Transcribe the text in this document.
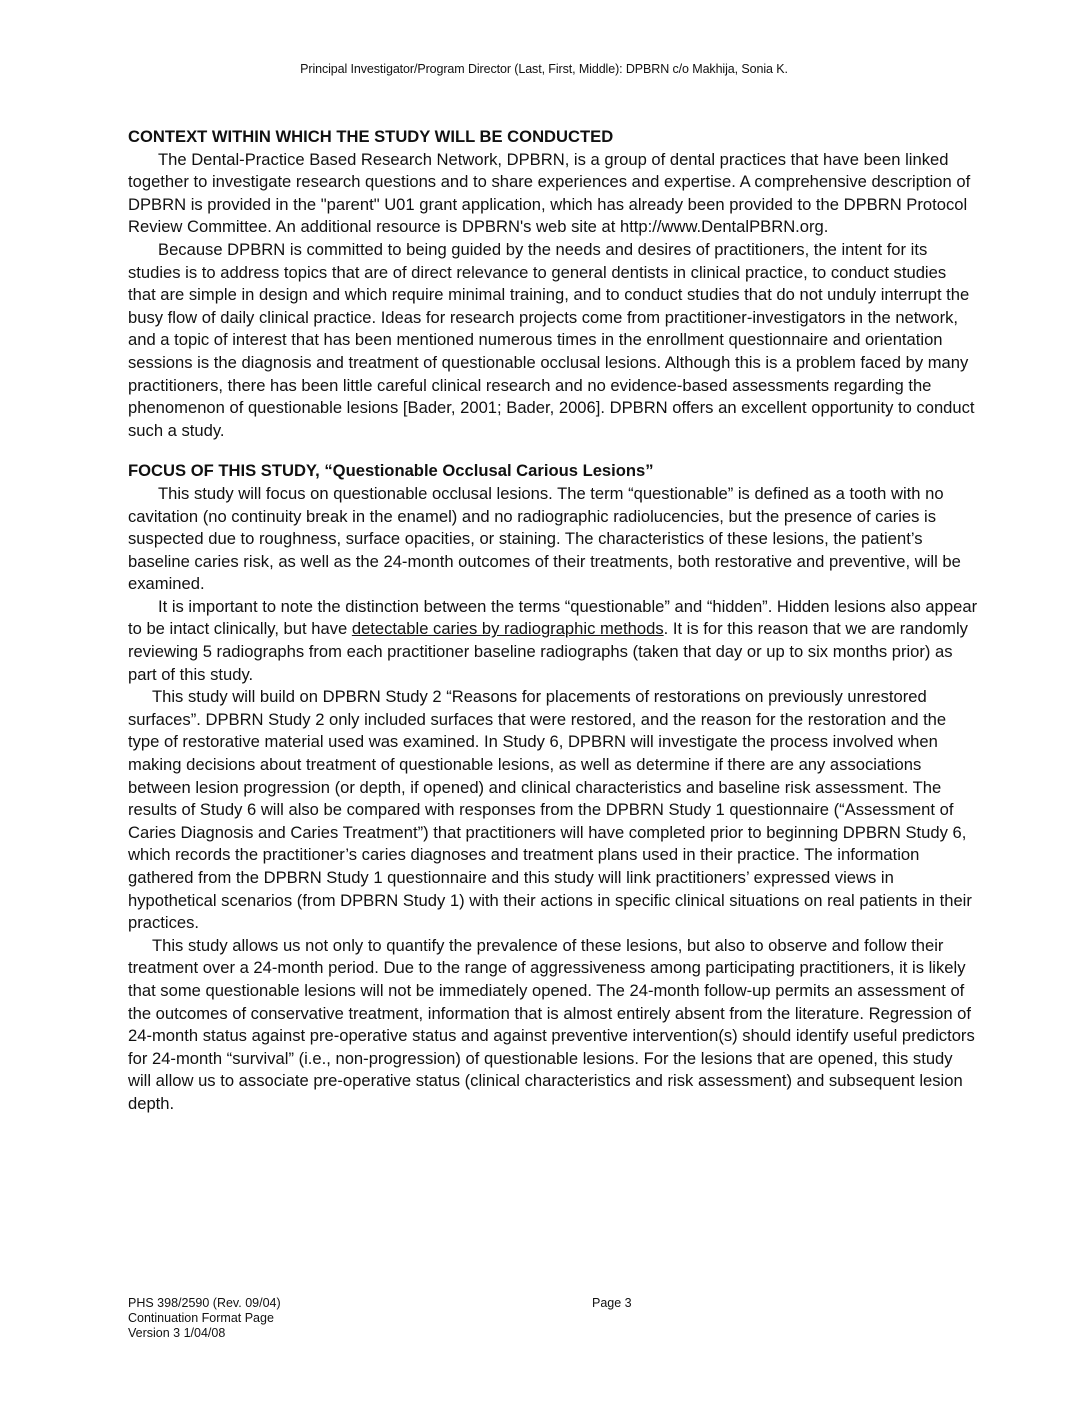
Principal Investigator/Program Director (Last, First, Middle): DPBRN c/o Makhija, Sonia K.

CONTEXT WITHIN WHICH THE STUDY WILL BE CONDUCTED

The Dental-Practice Based Research Network, DPBRN, is a group of dental practices that have been linked together to investigate research questions and to share experiences and expertise. A comprehensive description of DPBRN is provided in the "parent" U01 grant application, which has already been provided to the DPBRN Protocol Review Committee. An additional resource is DPBRN's web site at http://www.DentalPBRN.org.

Because DPBRN is committed to being guided by the needs and desires of practitioners, the intent for its studies is to address topics that are of direct relevance to general dentists in clinical practice, to conduct studies that are simple in design and which require minimal training, and to conduct studies that do not unduly interrupt the busy flow of daily clinical practice. Ideas for research projects come from practitioner-investigators in the network, and a topic of interest that has been mentioned numerous times in the enrollment questionnaire and orientation sessions is the diagnosis and treatment of questionable occlusal lesions. Although this is a problem faced by many practitioners, there has been little careful clinical research and no evidence-based assessments regarding the phenomenon of questionable lesions [Bader, 2001; Bader, 2006]. DPBRN offers an excellent opportunity to conduct such a study.

FOCUS OF THIS STUDY, “Questionable Occlusal Carious Lesions”

This study will focus on questionable occlusal lesions. The term “questionable” is defined as a tooth with no cavitation (no continuity break in the enamel) and no radiographic radiolucencies, but the presence of caries is suspected due to roughness, surface opacities, or staining. The characteristics of these lesions, the patient’s baseline caries risk, as well as the 24-month outcomes of their treatments, both restorative and preventive, will be examined.

It is important to note the distinction between the terms “questionable” and “hidden”. Hidden lesions also appear to be intact clinically, but have detectable caries by radiographic methods. It is for this reason that we are randomly reviewing 5 radiographs from each practitioner baseline radiographs (taken that day or up to six months prior) as part of this study.

This study will build on DPBRN Study 2 “Reasons for placements of restorations on previously unrestored surfaces”. DPBRN Study 2 only included surfaces that were restored, and the reason for the restoration and the type of restorative material used was examined. In Study 6, DPBRN will investigate the process involved when making decisions about treatment of questionable lesions, as well as determine if there are any associations between lesion progression (or depth, if opened) and clinical characteristics and baseline risk assessment. The results of Study 6 will also be compared with responses from the DPBRN Study 1 questionnaire (“Assessment of Caries Diagnosis and Caries Treatment”) that practitioners will have completed prior to beginning DPBRN Study 6, which records the practitioner’s caries diagnoses and treatment plans used in their practice. The information gathered from the DPBRN Study 1 questionnaire and this study will link practitioners’ expressed views in hypothetical scenarios (from DPBRN Study 1) with their actions in specific clinical situations on real patients in their practices.

This study allows us not only to quantify the prevalence of these lesions, but also to observe and follow their treatment over a 24-month period. Due to the range of aggressiveness among participating practitioners, it is likely that some questionable lesions will not be immediately opened. The 24-month follow-up permits an assessment of the outcomes of conservative treatment, information that is almost entirely absent from the literature. Regression of 24-month status against pre-operative status and against preventive intervention(s) should identify useful predictors for 24-month “survival” (i.e., non-progression) of questionable lesions. For the lesions that are opened, this study will allow us to associate pre-operative status (clinical characteristics and risk assessment) and subsequent lesion depth.

PHS 398/2590 (Rev. 09/04)
Continuation Format Page
Version 3 1/04/08
Page 3
